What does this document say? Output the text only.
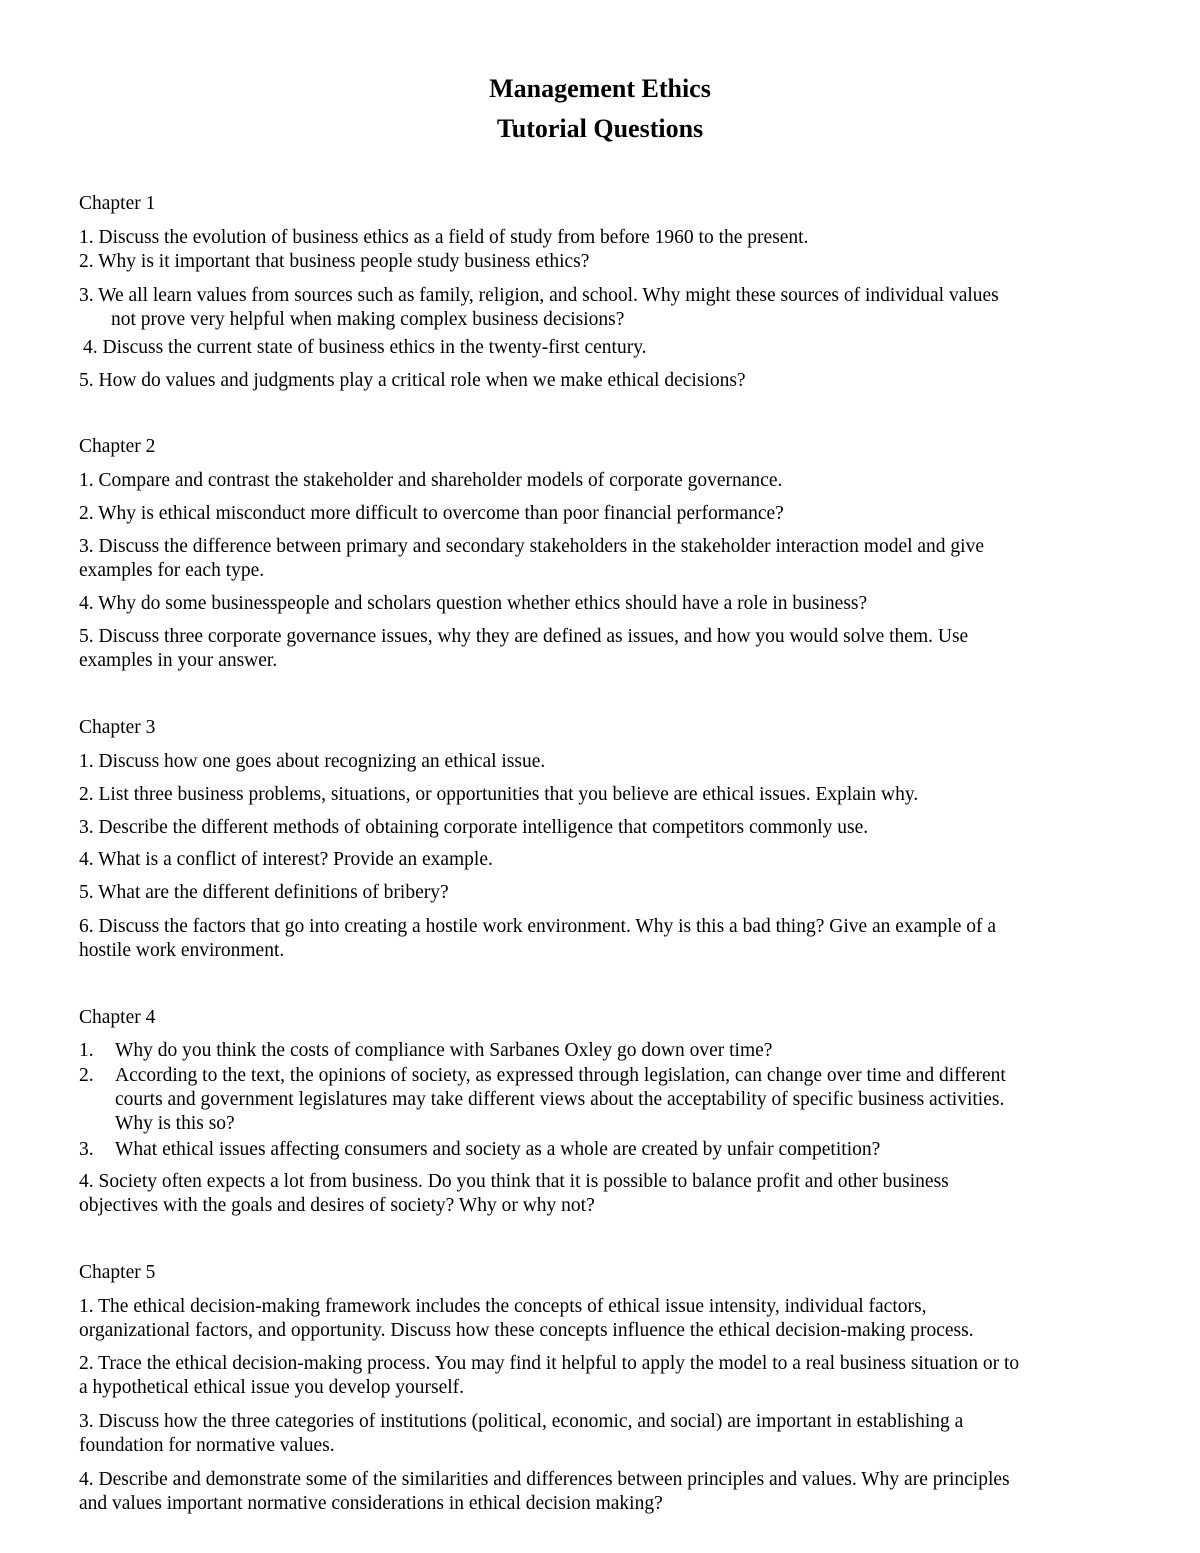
Management Ethics
Tutorial Questions
Chapter 1
1. Discuss the evolution of business ethics as a field of study from before 1960 to the present.
2. Why is it important that business people study business ethics?
3. We all learn values from sources such as family, religion, and school. Why might these sources of individual values
not prove very helpful when making complex business decisions?
4. Discuss the current state of business ethics in the twenty-first century.
5. How do values and judgments play a critical role when we make ethical decisions?
Chapter 2
1. Compare and contrast the stakeholder and shareholder models of corporate governance.
2. Why is ethical misconduct more difficult to overcome than poor financial performance?
3. Discuss the difference between primary and secondary stakeholders in the stakeholder interaction model and give
examples for each type.
4. Why do some businesspeople and scholars question whether ethics should have a role in business?
5. Discuss three corporate governance issues, why they are defined as issues, and how you would solve them. Use
examples in your answer.
Chapter 3
1. Discuss how one goes about recognizing an ethical issue.
2. List three business problems, situations, or opportunities that you believe are ethical issues. Explain why.
3. Describe the different methods of obtaining corporate intelligence that competitors commonly use.
4. What is a conflict of interest? Provide an example.
5. What are the different definitions of bribery?
6. Discuss the factors that go into creating a hostile work environment. Why is this a bad thing? Give an example of a
hostile work environment.
Chapter 4
1. Why do you think the costs of compliance with Sarbanes Oxley go down over time?
2. According to the text, the opinions of society, as expressed through legislation, can change over time and different
courts and government legislatures may take different views about the acceptability of specific business activities.
Why is this so?
3. What ethical issues affecting consumers and society as a whole are created by unfair competition?
4. Society often expects a lot from business. Do you think that it is possible to balance profit and other business
objectives with the goals and desires of society? Why or why not?
Chapter 5
1. The ethical decision-making framework includes the concepts of ethical issue intensity, individual factors,
organizational factors, and opportunity. Discuss how these concepts influence the ethical decision-making process.
2. Trace the ethical decision-making process. You may find it helpful to apply the model to a real business situation or to
a hypothetical ethical issue you develop yourself.
3. Discuss how the three categories of institutions (political, economic, and social) are important in establishing a
foundation for normative values.
4. Describe and demonstrate some of the similarities and differences between principles and values. Why are principles
and values important normative considerations in ethical decision making?
